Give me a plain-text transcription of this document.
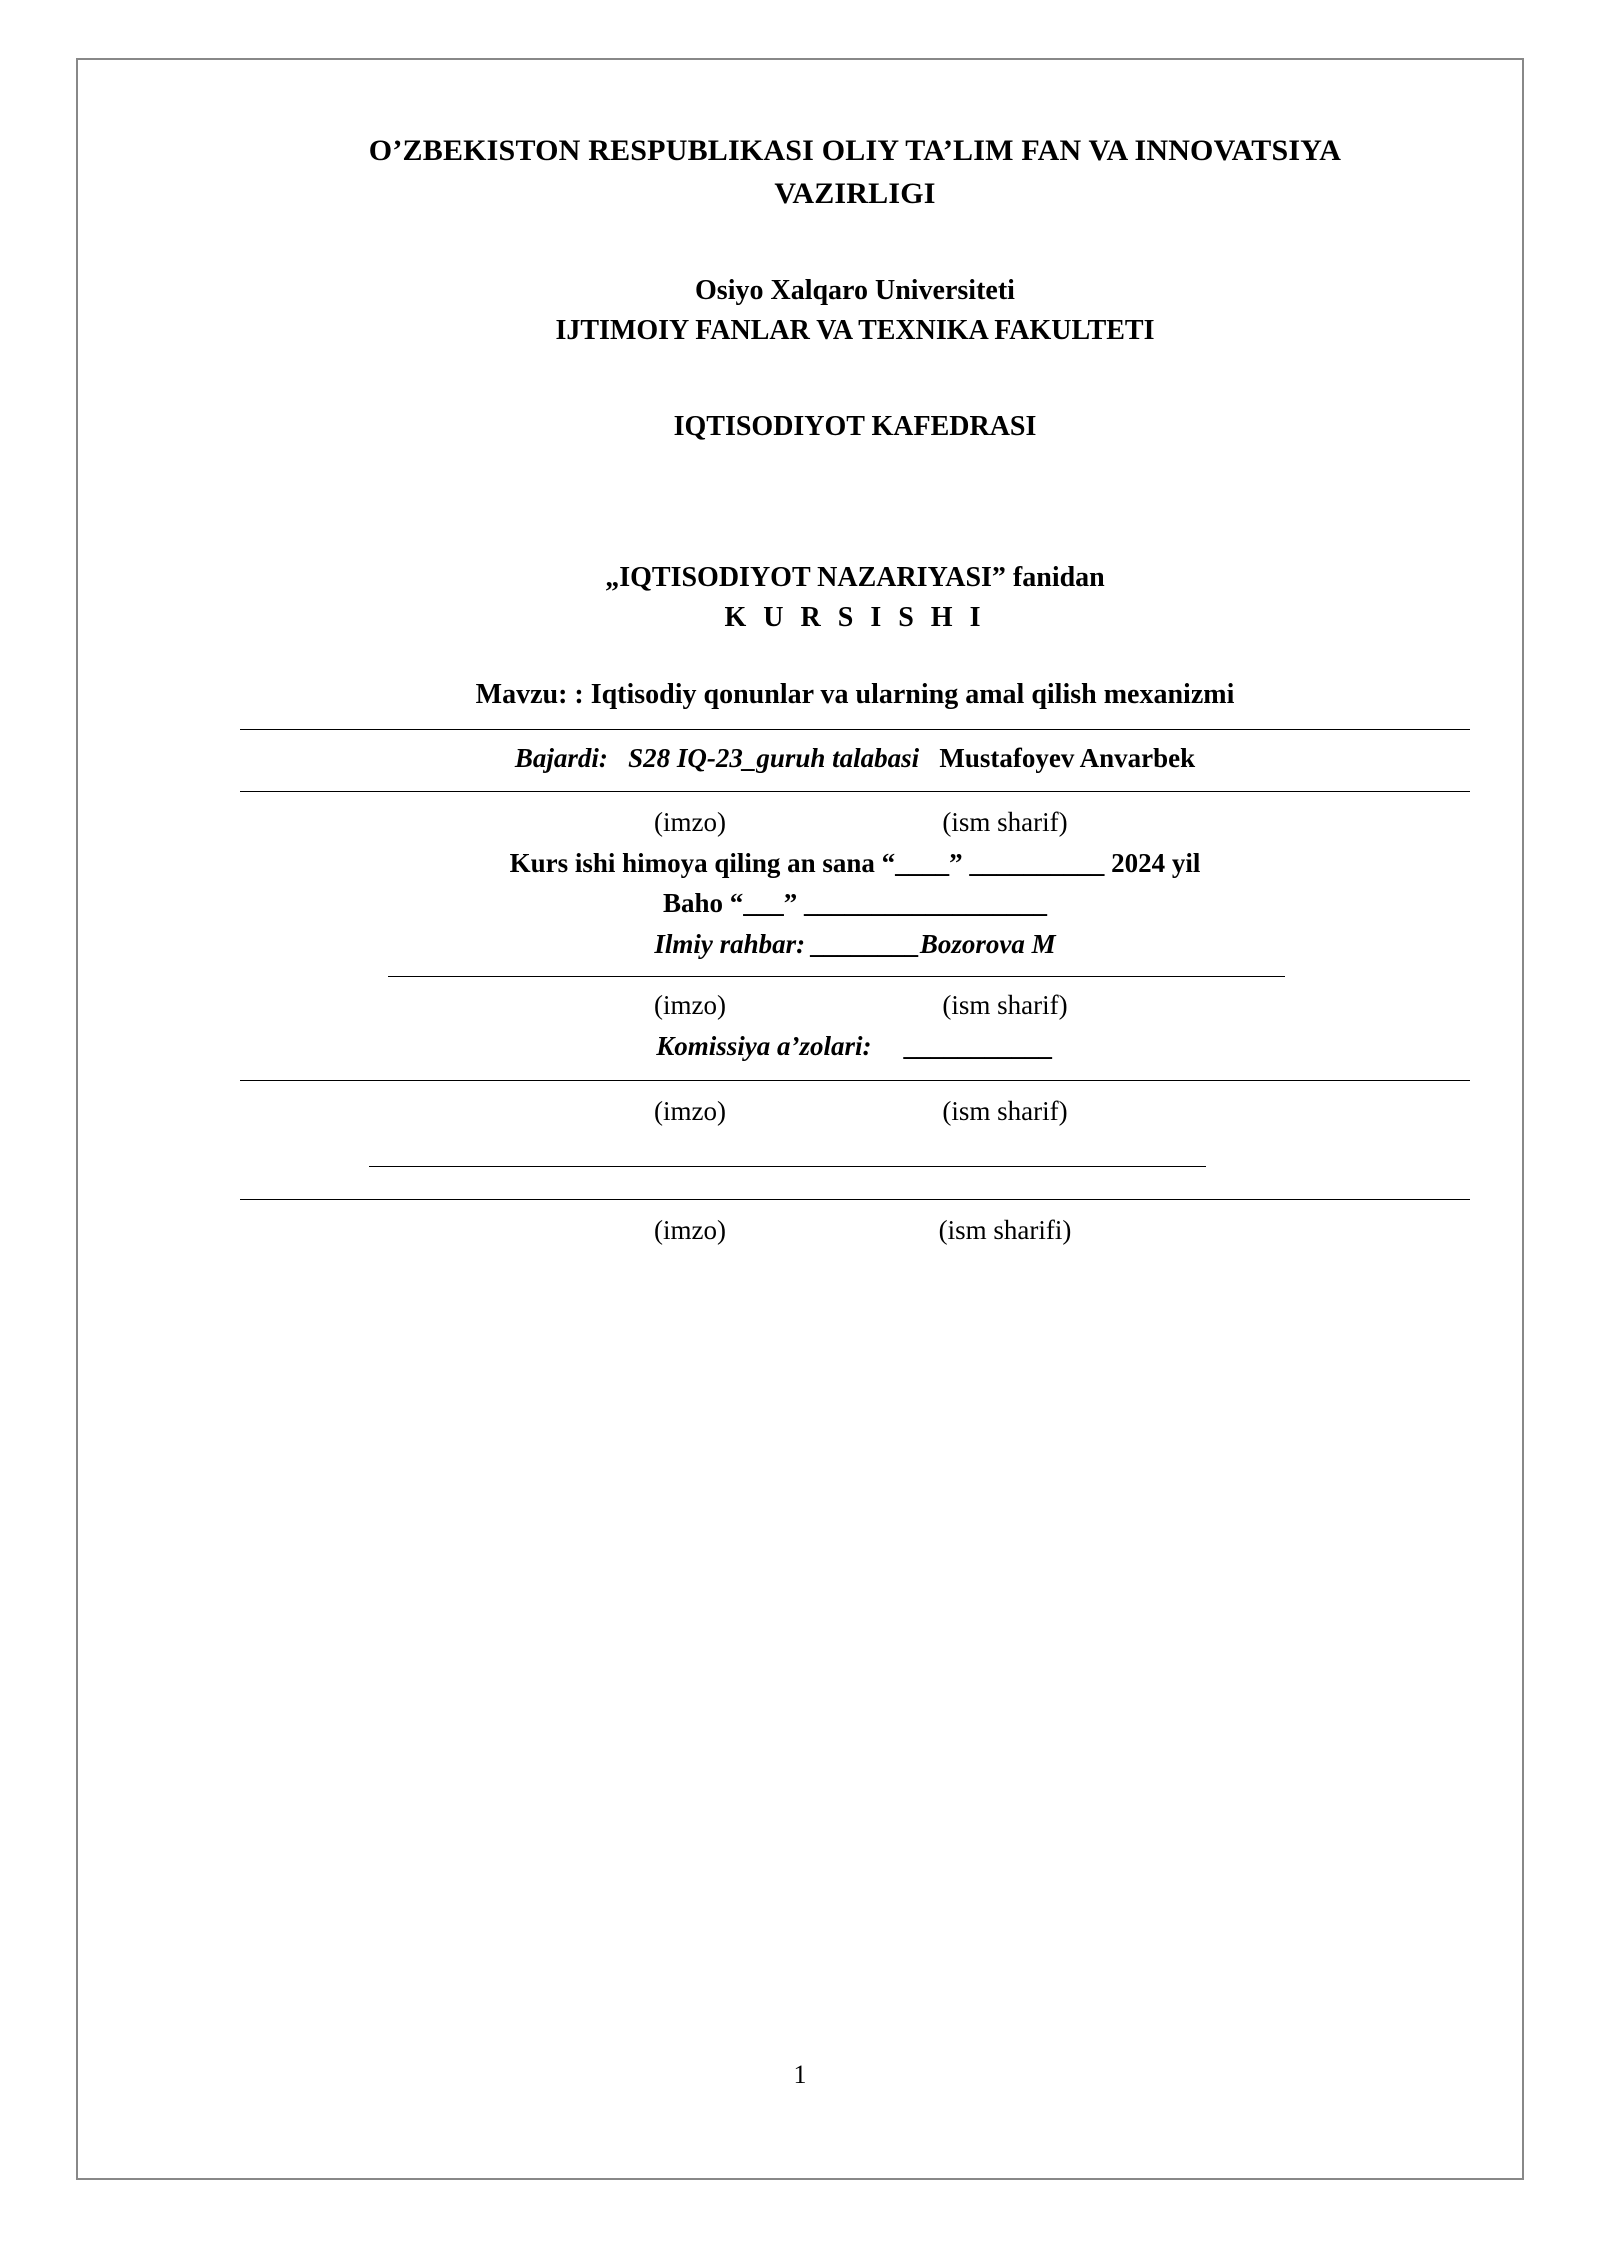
O’ZBEKISTON RESPUBLIKASI OLIY TA’LIM FAN VA INNOVATSIYA
VAZIRLIGI
Osiyo Xalqaro Universiteti
IJTIMOIY FANLAR VA TEXNIKA FAKULTETI
IQTISODIYOT KAFEDRASI
„IQTISODIYOT NAZARIYASI” fanidan
K U R S I S H I
Mavzu: : Iqtisodiy qonunlar va ularning amal qilish mexanizmi
Bajardi: S28 IQ-23_guruh talabasi Mustafoyev Anvarbek
(imzo)	(ism sharif)
Kurs ishi himoya qiling an sana “____” __________ 2024 yil
Baho “___” __________________
Ilmiy rahbar: ________Bozorova M
(imzo)	(ism sharif)
Komissiya a’zolari: ___________
(imzo)	(ism sharif)
(imzo)	(ism sharifi)
1
